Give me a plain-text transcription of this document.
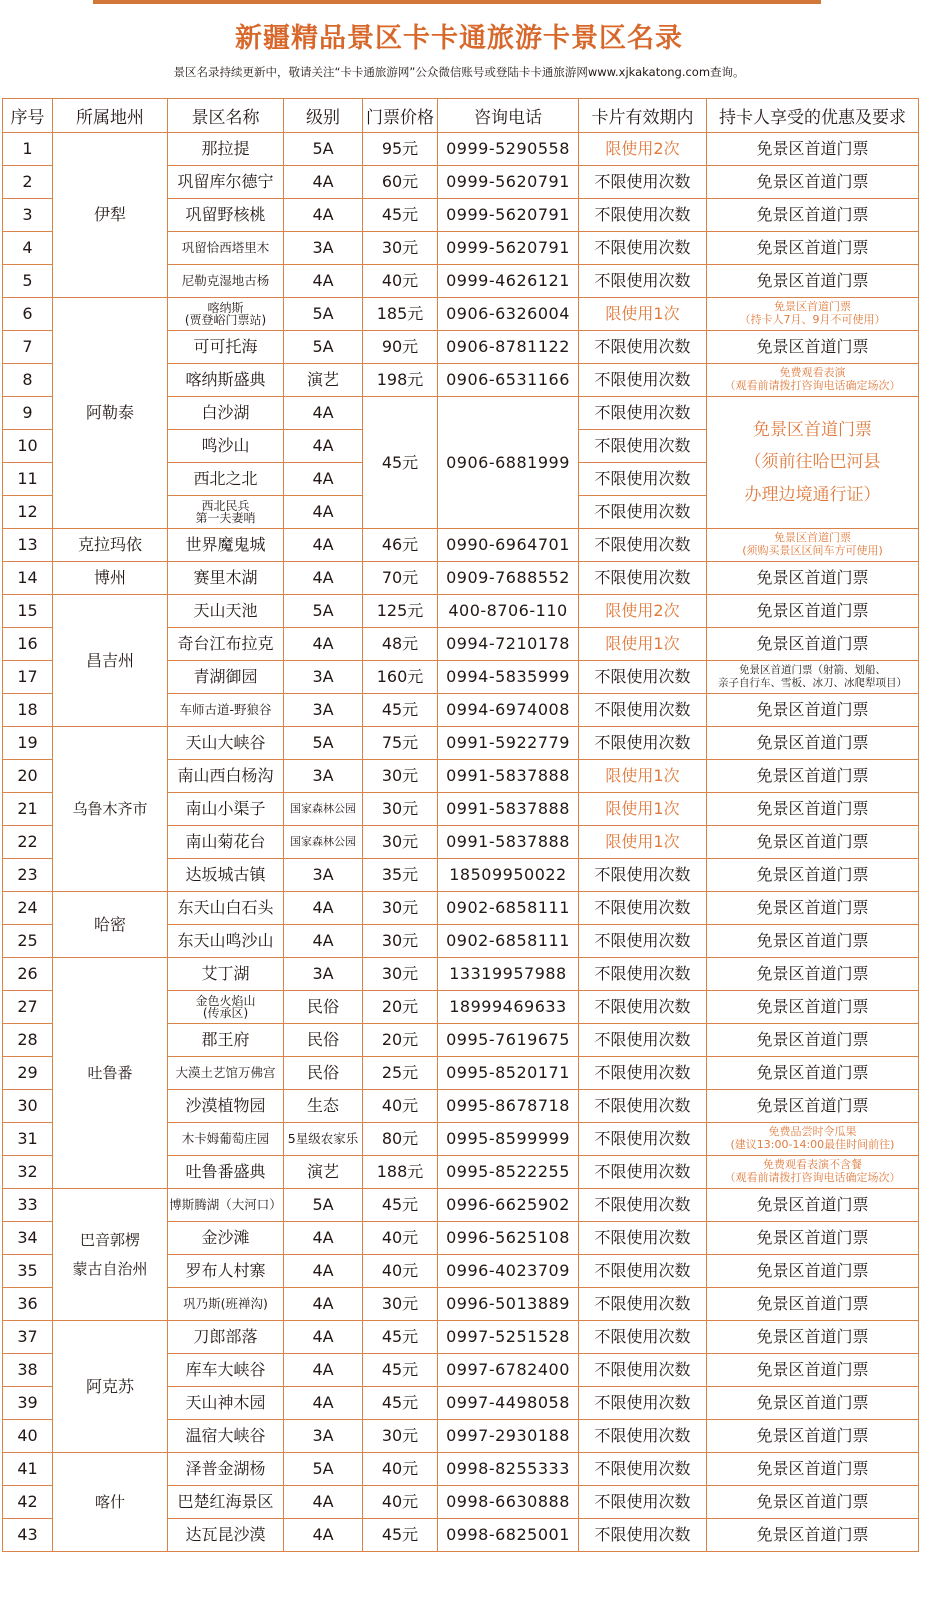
新疆精品景区卡卡通旅游卡景区名录
景区名录持续更新中，敬请关注“卡卡通旅游网”公众微信账号或登陆卡卡通旅游网www.xjkakatong.com查询。
序号	所属地州	景区名称	级别	门票价格	咨询电话	卡片有效期内	持卡人享受的优惠及要求
1	伊犁	那拉提	5A	95元	0999-5290558	限使用2次	免景区首道门票
2		巩留库尔德宁	4A	60元	0999-5620791	不限使用次数	免景区首道门票
3		巩留野核桃	4A	45元	0999-5620791	不限使用次数	免景区首道门票
4		巩留恰西塔里木	3A	30元	0999-5620791	不限使用次数	免景区首道门票
5		尼勒克湿地古杨	4A	40元	0999-4626121	不限使用次数	免景区首道门票
6	阿勒泰	喀纳斯
(贾登峪门票站)	5A	185元	0906-6326004	限使用1次	免景区首道门票
（持卡人7月、9月不可使用）

7		可可托海	5A	90元	0906-8781122	不限使用次数	免景区首道门票
8		喀纳斯盛典	演艺	198元	0906-6531166	不限使用次数	免费观看表演
（观看前请拨打咨询电话确定场次）

9		白沙湖	4A	45元	0906-6881999	不限使用次数	免景区首道门票
（须前往哈巴河县
办理边境通行证）

10		鸣沙山	4A			不限使用次数	
11		西北之北	4A			不限使用次数	
12		西北民兵
第一夫妻哨	4A			不限使用次数	
13	克拉玛依	世界魔鬼城	4A	46元	0990-6964701	不限使用次数	免景区首道门票
(须购买景区区间车方可使用)

14	博州	赛里木湖	4A	70元	0909-7688552	不限使用次数	免景区首道门票
15	昌吉州	天山天池	5A	125元	400-8706-110	限使用2次	免景区首道门票
16		奇台江布拉克	4A	48元	0994-7210178	限使用1次	免景区首道门票
17		青湖御园	3A	160元	0994-5835999	不限使用次数	免景区首道门票（射箭、划船、
亲子自行车、雪板、冰刀、冰爬犁项目）

18		车师古道-野狼谷	3A	45元	0994-6974008	不限使用次数	免景区首道门票
19	乌鲁木齐市	天山大峡谷	5A	75元	0991-5922779	不限使用次数	免景区首道门票
20		南山西白杨沟	3A	30元	0991-5837888	限使用1次	免景区首道门票
21		南山小渠子	国家森林公园	30元	0991-5837888	限使用1次	免景区首道门票
22		南山菊花台	国家森林公园	30元	0991-5837888	限使用1次	免景区首道门票
23		达坂城古镇	3A	35元	18509950022	不限使用次数	免景区首道门票
24	哈密	东天山白石头	4A	30元	0902-6858111	不限使用次数	免景区首道门票
25		东天山鸣沙山	4A	30元	0902-6858111	不限使用次数	免景区首道门票
26	吐鲁番	艾丁湖	3A	30元	13319957988	不限使用次数	免景区首道门票
27		金色火焰山
(传承区)	民俗	20元	18999469633	不限使用次数	免景区首道门票
28		郡王府	民俗	20元	0995-7619675	不限使用次数	免景区首道门票
29		大漠土艺馆万佛宫	民俗	25元	0995-8520171	不限使用次数	免景区首道门票
30		沙漠植物园	生态	40元	0995-8678718	不限使用次数	免景区首道门票
31		木卡姆葡萄庄园	5星级农家乐	80元	0995-8599999	不限使用次数	免费品尝时令瓜果
(建议13:00-14:00最佳时间前往)

32		吐鲁番盛典	演艺	188元	0995-8522255	不限使用次数	免费观看表演不含餐
（观看前请拨打咨询电话确定场次）

33	巴音郭楞
蒙古自治州	博斯腾湖（大河口）	5A	45元	0996-6625902	不限使用次数	免景区首道门票
34		金沙滩	4A	40元	0996-5625108	不限使用次数	免景区首道门票
35		罗布人村寨	4A	40元	0996-4023709	不限使用次数	免景区首道门票
36		巩乃斯(班禅沟)	4A	30元	0996-5013889	不限使用次数	免景区首道门票
37	阿克苏	刀郎部落	4A	45元	0997-5251528	不限使用次数	免景区首道门票
38		库车大峡谷	4A	45元	0997-6782400	不限使用次数	免景区首道门票
39		天山神木园	4A	45元	0997-4498058	不限使用次数	免景区首道门票
40		温宿大峡谷	3A	30元	0997-2930188	不限使用次数	免景区首道门票
41	喀什	泽普金湖杨	5A	40元	0998-8255333	不限使用次数	免景区首道门票
42		巴楚红海景区	4A	40元	0998-6630888	不限使用次数	免景区首道门票
43		达瓦昆沙漠	4A	45元	0998-6825001	不限使用次数	免景区首道门票
